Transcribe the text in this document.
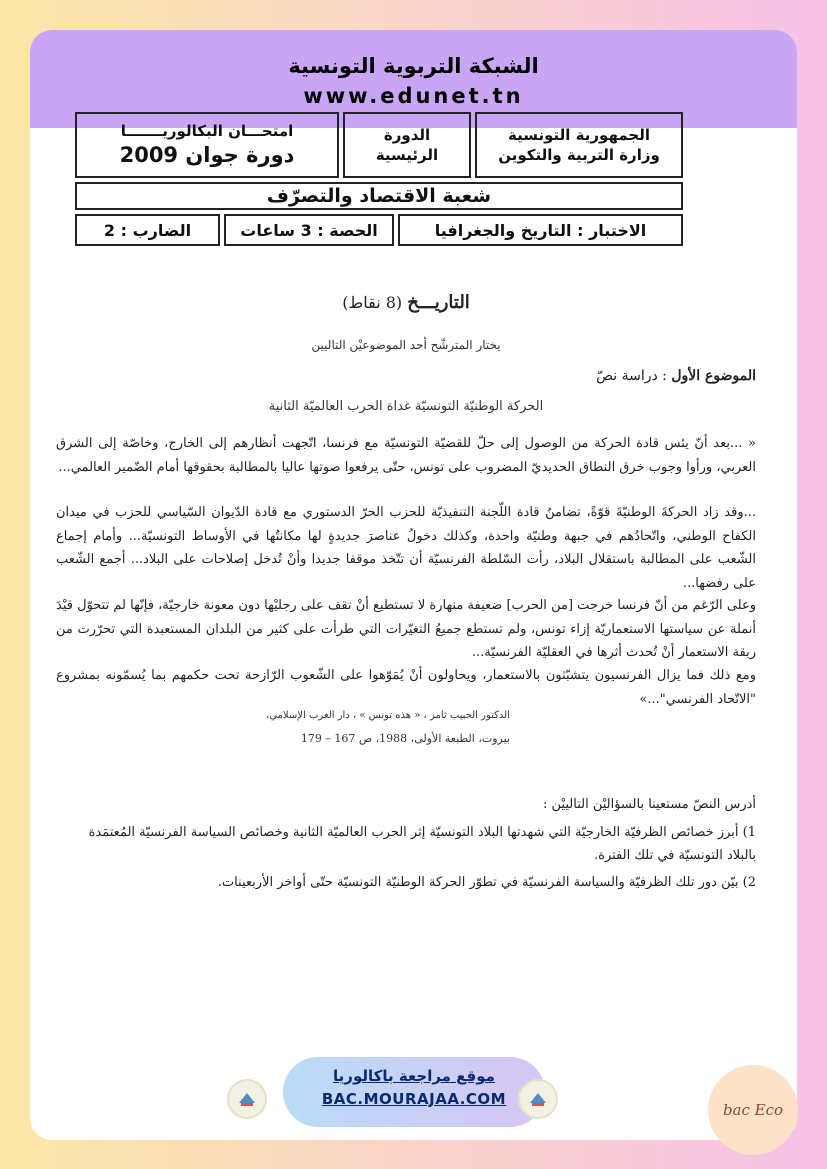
الشبكة التربوية التونسية
www.edunet.tn
الجمهورية التونسية
وزارة التربية والتكوين
الدورة
الرئيسية
امتحـــان البكالوريـــــــا
دورة جوان 2009
شعبة الاقتصاد والتصرّف
الاختبار : التاريخ والجغرافيا
الحصة : 3 ساعات
الضارب : 2
التاريـــخ (8 نقاط)
يختار المترشّح أحد الموضوعيْن التاليين
الموضوع الأول : دراسة نصّ
الحركة الوطنيّة التونسيّة غداة الحرب العالميّة الثانية
« ...بعد أنّ يئس قادة الحركة من الوصول إلى حلّ للقضيّة التونسيّة مع فرنسا، اتّجهت أنظارهم إلى الخارج، وخاصّة إلى الشرق العربي، ورأوا وجوب خرق النطاق الحديديّ المضروب على تونس، حتّى يرفعوا صوتها عاليا بالمطالبة بحقوقها أمام الضّمير العالمي...
...وقد زاد الحركةَ الوطنيّةَ قوّةً، تضامنُ قادة اللّجنة التنفيذيّة للحزب الحرّ الدستوري مع قادة الدّيوان السّياسي للحزب في ميدان الكفاح الوطني، واتّحادُهم في جبهة وطنيّة واحدة، وكذلك دخولُ عناصرَ جديدةٍ لها مكانتُها في الأوساط التونسيّة... وأمام إجماع الشّعب على المطالبة باستقلال البلاد، رأت السّلطة الفرنسيّة أن تتّخذ موقفا جديدا وأنْ تُدخل إصلاحات على البلاد... أجمع الشّعب على رفضها...
وعلى الرّغم من أنّ فرنسا خرجت [من الحرب] ضعيفة منهارة لا تستطيع أنْ تقف على رجليْها دون معونة خارجيّة، فإنّها لم تتحوّل قيْدَ أنملة عن سياستها الاستعماريّة إزاء تونس، ولم تستطع جميعُ التغيّرات التي طرأت على كثير من البلدان المستعبدة التي تحرّرت من ربقة الاستعمار أنْ تُحدث أثرها في العقليّة الفرنسيّة...
ومع ذلك فما يزال الفرنسيون يتشبّثون بالاستعمار، ويحاولون أنْ يُمَوّهوا على الشّعوب الرّازحة تحت حكمهم بما يُسمّونه بمشروع "الاتّحاد الفرنسي"...»
الدكتور الحبيب ثامر ، « هذه تونس » ، دار الغرب الإسلامي،
بيروت، الطبعة الأولى، 1988، ص 167 – 179
أدرس النصّ مستعينا بالسؤاليْن التالييْن :
1) أبرز خصائص الظرفيّة الخارجيّة التي شهدتها البلاد التونسيّة إثر الحرب العالميّة الثانية وخصائص السياسة الفرنسيّة المُعتمَدة بالبلاد التونسيّة في تلك الفترة.
2) بيّن دور تلك الظرفيّة والسياسة الفرنسيّة في تطوّر الحركة الوطنيّة التونسيّة حتّى أواخر الأربعينات.
موقع مراجعة باكالوريا
BAC.MOURAJAA.COM
bac Eco
